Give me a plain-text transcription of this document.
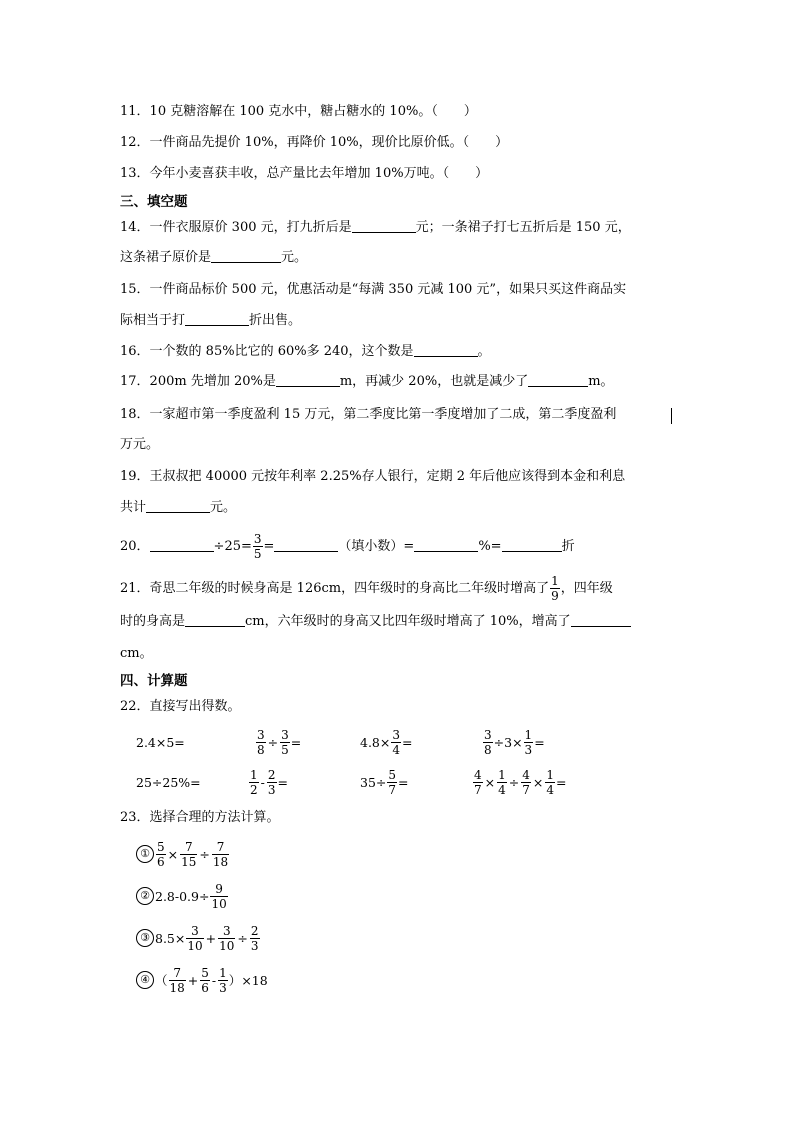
11．10 克糖溶解在 100 克水中，糖占糖水的 10%。（　　）
12．一件商品先提价 10%，再降价 10%，现价比原价低。（　　）
13．今年小麦喜获丰收，总产量比去年增加 10%万吨。（　　）
三、填空题
14．一件衣服原价 300 元，打九折后是	元；一条裙子打七五折后是 150 元，
这条裙子原价是	元。
15．一件商品标价 500 元，优惠活动是“每满 350 元减 100 元”，如果只买这件商品实
际相当于打	折出售。
16．一个数的 85%比它的 60%多 240，这个数是	。
17．200m 先增加 20%是	m，再减少 20%，也就是减少了	m。
18．一家超市第一季度盈利 15 万元，第二季度比第一季度增加了二成，第二季度盈利
万元。
19．王叔叔把 40000 元按年利率 2.25%存人银行，定期 2 年后他应该得到本金和利息
共计	元。
20．	$\div 25= \frac{3}{5}$ =	（填小数）=	%=	折
21．奇思二年级的时候身高是 126cm，四年级时的身高比二年级时增高了 $\frac{1}{9}$ ，四年级
时的身高是	cm，六年级时的身高又比四年级时增高了 10%，增高了
cm。
四、计算题
22．直接写出得数。
2.4×5=	$\frac{3}{8} \div \frac{3}{5}$ =	$4.8\times \frac{3}{4}$ =	$\frac{3}{8} \div 3\times \frac{1}{3}$ =
25÷25%=	$\frac{1}{2} - \frac{2}{3}$ =	$35\div \frac{5}{7}$ =	$\frac{4}{7} \times \frac{1}{4} \div \frac{4}{7} \times \frac{1}{4}$ =
23．选择合理的方法计算。
① $\frac{5}{6} \times \frac{7}{15} \div \frac{7}{18}$
② $2.8-0.9\div \frac{9}{10}$
③ $8.5\times \frac{3}{10} + \frac{3}{10} \div \frac{2}{3}$
④ （ $\frac{7}{18} + \frac{5}{6} - \frac{1}{3}$ ） ×18
